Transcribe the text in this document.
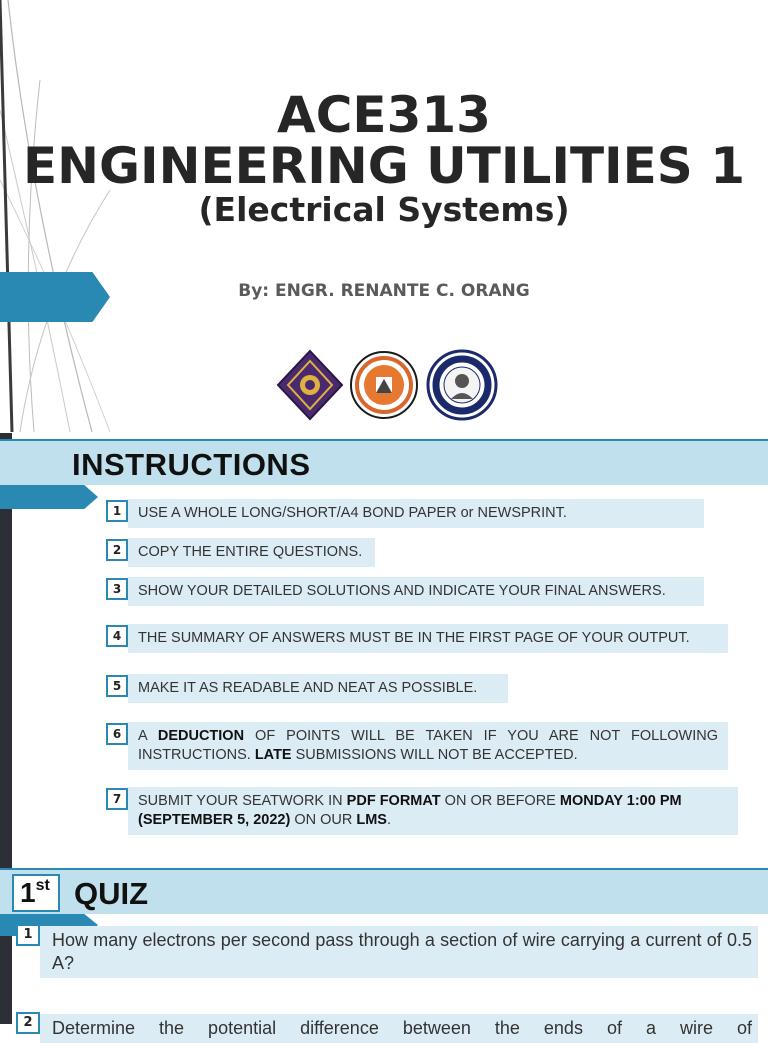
ACE313
ENGINEERING UTILITIES 1
(Electrical Systems)
By: ENGR. RENANTE C. ORANG
INSTRUCTIONS
1	USE A WHOLE LONG/SHORT/A4 BOND PAPER or NEWSPRINT.
2	COPY THE ENTIRE QUESTIONS.
3	SHOW YOUR DETAILED SOLUTIONS AND INDICATE YOUR FINAL ANSWERS.
4	THE SUMMARY OF ANSWERS MUST BE IN THE FIRST PAGE OF YOUR OUTPUT.
5	MAKE IT AS READABLE AND NEAT AS POSSIBLE.
6	A DEDUCTION OF POINTS WILL BE TAKEN IF YOU ARE NOT FOLLOWING INSTRUCTIONS. LATE SUBMISSIONS WILL NOT BE ACCEPTED.
7	SUBMIT YOUR SEATWORK IN PDF FORMAT ON OR BEFORE MONDAY 1:00 PM (SEPTEMBER 5, 2022) ON OUR LMS.
1st QUIZ
1	How many electrons per second pass through a section of wire carrying a current of 0.5 A?
2	Determine the potential difference between the ends of a wire of
